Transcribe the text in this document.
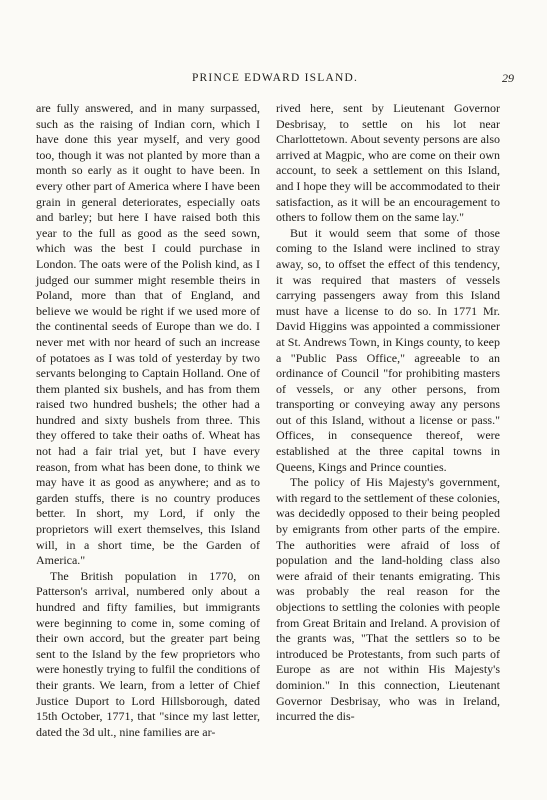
PRINCE EDWARD ISLAND.	29

are fully answered, and in many surpassed, such as the raising of Indian corn, which I have done this year myself, and very good too, though it was not planted by more than a month so early as it ought to have been. In every other part of America where I have been grain in general deteriorates, especially oats and barley; but here I have raised both this year to the full as good as the seed sown, which was the best I could purchase in London. The oats were of the Polish kind, as I judged our summer might resemble theirs in Poland, more than that of England, and believe we would be right if we used more of the continental seeds of Europe than we do. I never met with nor heard of such an increase of potatoes as I was told of yesterday by two servants belonging to Captain Holland. One of them planted six bushels, and has from them raised two hundred bushels; the other had a hundred and sixty bushels from three. This they offered to take their oaths of. Wheat has not had a fair trial yet, but I have every reason, from what has been done, to think we may have it as good as anywhere; and as to garden stuffs, there is no country produces better. In short, my Lord, if only the proprietors will exert themselves, this Island will, in a short time, be the Garden of America."

The British population in 1770, on Patterson's arrival, numbered only about a hundred and fifty families, but immigrants were beginning to come in, some coming of their own accord, but the greater part being sent to the Island by the few proprietors who were honestly trying to fulfil the conditions of their grants. We learn, from a letter of Chief Justice Duport to Lord Hillsborough, dated 15th October, 1771, that "since my last letter, dated the 3d ult., nine families are ar-

rived here, sent by Lieutenant Governor Desbrisay, to settle on his lot near Charlottetown. About seventy persons are also arrived at Magpic, who are come on their own account, to seek a settlement on this Island, and I hope they will be accommodated to their satisfaction, as it will be an encouragement to others to follow them on the same lay."

But it would seem that some of those coming to the Island were inclined to stray away, so, to offset the effect of this tendency, it was required that masters of vessels carrying passengers away from this Island must have a license to do so. In 1771 Mr. David Higgins was appointed a commissioner at St. Andrews Town, in Kings county, to keep a "Public Pass Office," agreeable to an ordinance of Council "for prohibiting masters of vessels, or any other persons, from transporting or conveying away any persons out of this Island, without a license or pass." Offices, in consequence thereof, were established at the three capital towns in Queens, Kings and Prince counties.

The policy of His Majesty's government, with regard to the settlement of these colonies, was decidedly opposed to their being peopled by emigrants from other parts of the empire. The authorities were afraid of loss of population and the land-holding class also were afraid of their tenants emigrating. This was probably the real reason for the objections to settling the colonies with people from Great Britain and Ireland. A provision of the grants was, "That the settlers so to be introduced be Protestants, from such parts of Europe as are not within His Majesty's dominion." In this connection, Lieutenant Governor Desbrisay, who was in Ireland, incurred the dis-
